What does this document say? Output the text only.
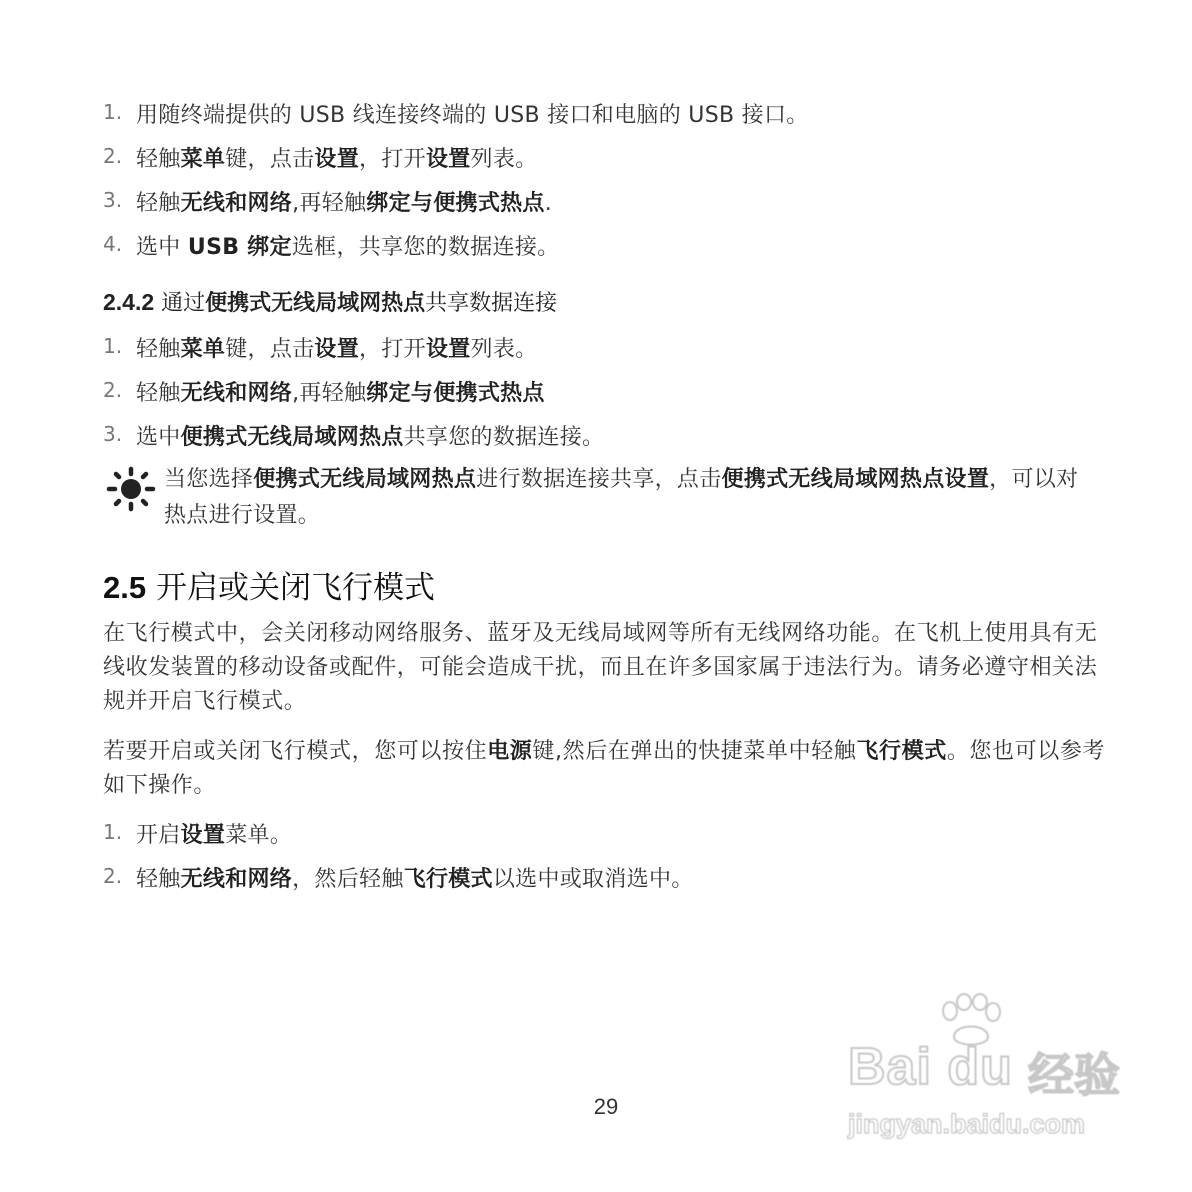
1. 用随终端提供的 USB 线连接终端的 USB 接口和电脑的 USB 接口。
2. 轻触菜单键，点击设置，打开设置列表。
3. 轻触无线和网络,再轻触绑定与便携式热点.
4. 选中 USB 绑定选框，共享您的数据连接。
2.4.2 通过便携式无线局域网热点共享数据连接
1. 轻触菜单键，点击设置，打开设置列表。
2. 轻触无线和网络,再轻触绑定与便携式热点
3. 选中便携式无线局域网热点共享您的数据连接。
当您选择便携式无线局域网热点进行数据连接共享，点击便携式无线局域网热点设置，可以对热点进行设置。
2.5 开启或关闭飞行模式
在飞行模式中，会关闭移动网络服务、蓝牙及无线局域网等所有无线网络功能。在飞机上使用具有无线收发装置的移动设备或配件，可能会造成干扰，而且在许多国家属于违法行为。请务必遵守相关法规并开启飞行模式。
若要开启或关闭飞行模式，您可以按住电源键,然后在弹出的快捷菜单中轻触飞行模式。您也可以参考如下操作。
1. 开启设置菜单。
2. 轻触无线和网络，然后轻触飞行模式以选中或取消选中。
29
Bai du 经验
jingyan.baidu.com
